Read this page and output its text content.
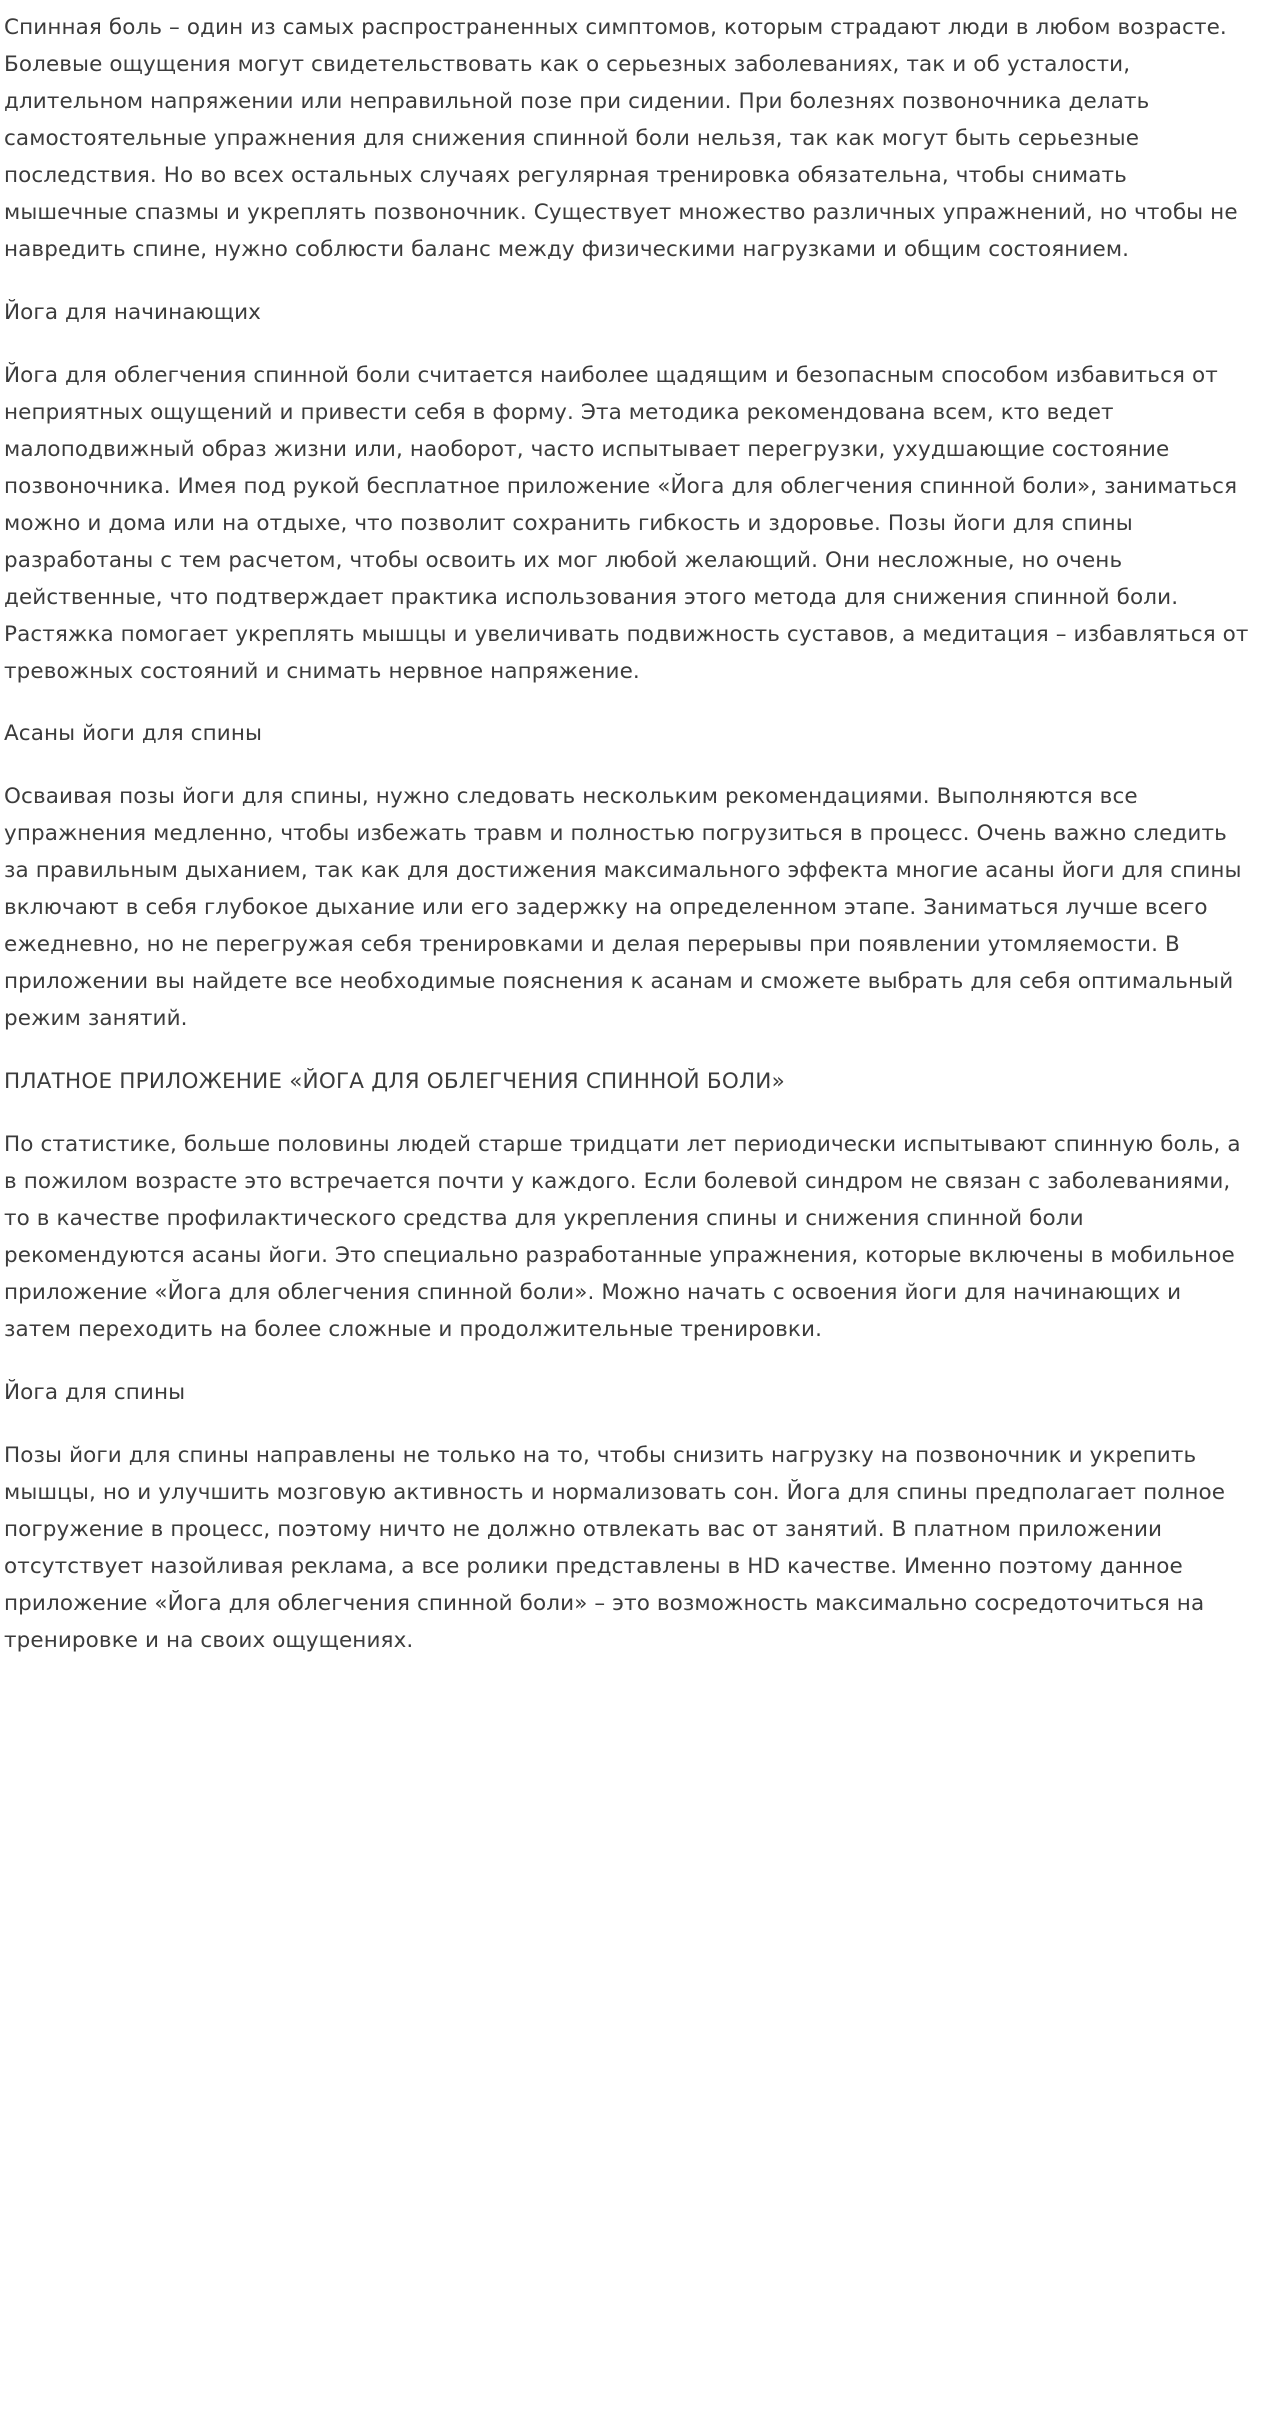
Спинная боль – один из самых распространенных симптомов, которым страдают люди в любом возрасте. Болевые ощущения могут свидетельствовать как о серьезных заболеваниях, так и об усталости, длительном напряжении или неправильной позе при сидении. При болезнях позвоночника делать самостоятельные упражнения для снижения спинной боли нельзя, так как могут быть серьезные последствия. Но во всех остальных случаях регулярная тренировка обязательна, чтобы снимать мышечные спазмы и укреплять позвоночник. Существует множество различных упражнений, но чтобы не навредить спине, нужно соблюсти баланс между физическими нагрузками и общим состоянием.

Йога для начинающих

Йога для облегчения спинной боли считается наиболее щадящим и безопасным способом избавиться от неприятных ощущений и привести себя в форму. Эта методика рекомендована всем, кто ведет малоподвижный образ жизни или, наоборот, часто испытывает перегрузки, ухудшающие состояние позвоночника. Имея под рукой бесплатное приложение «Йога для облегчения спинной боли», заниматься можно и дома или на отдыхе, что позволит сохранить гибкость и здоровье. Позы йоги для спины разработаны с тем расчетом, чтобы освоить их мог любой желающий. Они несложные, но очень действенные, что подтверждает практика использования этого метода для снижения спинной боли. Растяжка помогает укреплять мышцы и увеличивать подвижность суставов, а медитация – избавляться от тревожных состояний и снимать нервное напряжение.

Асаны йоги для спины

Осваивая позы йоги для спины, нужно следовать нескольким рекомендациями. Выполняются все упражнения медленно, чтобы избежать травм и полностью погрузиться в процесс. Очень важно следить за правильным дыханием, так как для достижения максимального эффекта многие асаны йоги для спины включают в себя глубокое дыхание или его задержку на определенном этапе. Заниматься лучше всего ежедневно, но не перегружая себя тренировками и делая перерывы при появлении утомляемости. В приложении вы найдете все необходимые пояснения к асанам и сможете выбрать для себя оптимальный режим занятий.

ПЛАТНОЕ ПРИЛОЖЕНИЕ «ЙОГА ДЛЯ ОБЛЕГЧЕНИЯ СПИННОЙ БОЛИ»

По статистике, больше половины людей старше тридцати лет периодически испытывают спинную боль, а в пожилом возрасте это встречается почти у каждого. Если болевой синдром не связан с заболеваниями, то в качестве профилактического средства для укрепления спины и снижения спинной боли рекомендуются асаны йоги. Это специально разработанные упражнения, которые включены в мобильное приложение «Йога для облегчения спинной боли». Можно начать с освоения йоги для начинающих и затем переходить на более сложные и продолжительные тренировки.

Йога для спины

Позы йоги для спины направлены не только на то, чтобы снизить нагрузку на позвоночник и укрепить мышцы, но и улучшить мозговую активность и нормализовать сон. Йога для спины предполагает полное погружение в процесс, поэтому ничто не должно отвлекать вас от занятий. В платном приложении отсутствует назойливая реклама, а все ролики представлены в HD качестве. Именно поэтому данное приложение «Йога для облегчения спинной боли» – это возможность максимально сосредоточиться на тренировке и на своих ощущениях.
